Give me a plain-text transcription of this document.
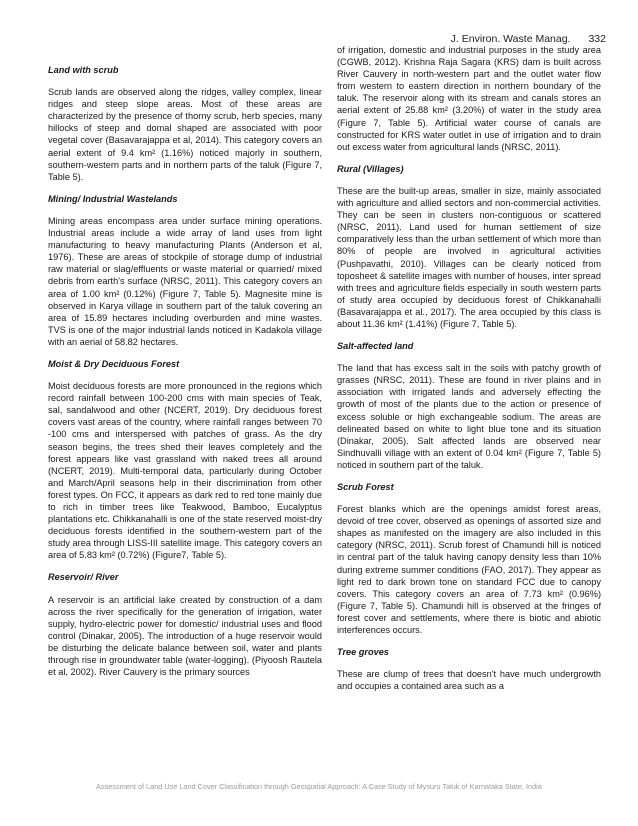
J. Environ. Waste Manag. 332
Land with scrub
Scrub lands are observed along the ridges, valley complex, linear ridges and steep slope areas. Most of these areas are characterized by the presence of thorny scrub, herb species, many hillocks of steep and domal shaped are associated with poor vegetal cover (Basavarajappa et al, 2014). This category covers an aerial extent of 9.4 km² (1.16%) noticed majorly in southern, southern-western parts and in northern parts of the taluk (Figure 7, Table 5).
Mining/ Industrial Wastelands
Mining areas encompass area under surface mining operations. Industrial areas include a wide array of land uses from light manufacturing to heavy manufacturing Plants (Anderson et al, 1976). These are areas of stockpile of storage dump of industrial raw material or slag/effluents or waste material or quarried/ mixed debris from earth's surface (NRSC, 2011). This category covers an area of 1.00 km² (0.12%) (Figure 7, Table 5). Magnesite mine is observed in Karya village in southern part of the taluk covering an area of 15.89 hectares including overburden and mine wastes. TVS is one of the major industrial lands noticed in Kadakola village with an aerial of 58.82 hectares.
Moist & Dry Deciduous Forest
Moist deciduous forests are more pronounced in the regions which record rainfall between 100-200 cms with main species of Teak, sal, sandalwood and other (NCERT, 2019). Dry deciduous forest covers vast areas of the country, where rainfall ranges between 70 -100 cms and interspersed with patches of grass. As the dry season begins, the trees shed their leaves completely and the forest appears like vast grassland with naked trees all around (NCERT, 2019). Multi-temporal data, particularly during October and March/April seasons help in their discrimination from other forest types. On FCC, it appears as dark red to red tone mainly due to rich in timber trees like Teakwood, Bamboo, Eucalyptus plantations etc. Chikkanahalli is one of the state reserved moist-dry deciduous forests identified in the southern-western part of the study area through LISS-III satellite image. This category covers an area of 5.83 km² (0.72%) (Figure7, Table 5).
Reservoir/ River
A reservoir is an artificial lake created by construction of a dam across the river specifically for the generation of irrigation, water supply, hydro-electric power for domestic/ industrial uses and flood control (Dinakar, 2005). The introduction of a huge reservoir would be disturbing the delicate balance between soil, water and plants through rise in groundwater table (water-logging). (Piyoosh Rautela et al, 2002). River Cauvery is the primary sources
of irrigation, domestic and industrial purposes in the study area (CGWB, 2012). Krishna Raja Sagara (KRS) dam is built across River Cauvery in north-western part and the outlet water flow from western to eastern direction in northern boundary of the taluk. The reservoir along with its stream and canals stores an aerial extent of 25.88 km² (3.20%) of water in the study area (Figure 7, Table 5). Artificial water course of canals are constructed for KRS water outlet in use of irrigation and to drain out excess water from agricultural lands (NRSC, 2011).
Rural (Villages)
These are the built-up areas, smaller in size, mainly associated with agriculture and allied sectors and non-commercial activities. They can be seen in clusters non-contiguous or scattered (NRSC, 2011). Land used for human settlement of size comparatively less than the urban settlement of which more than 80% of people are involved in agricultural activities (Pushpavathi, 2010). Villages can be clearly noticed from toposheet & satellite images with number of houses, inter spread with trees and agriculture fields especially in south western parts of study area occupied by deciduous forest of Chikkanahalli (Basavarajappa et al., 2017). The area occupied by this class is about 11.36 km² (1.41%) (Figure 7, Table 5).
Salt-affected land
The land that has excess salt in the soils with patchy growth of grasses (NRSC, 2011). These are found in river plains and in association with irrigated lands and adversely effecting the growth of most of the plants due to the action or presence of excess soluble or high exchangeable sodium. The areas are delineated based on white to light blue tone and its situation (Dinakar, 2005). Salt affected lands are observed near Sindhuvalli village with an extent of 0.04 km² (Figure 7, Table 5) noticed in southern part of the taluk.
Scrub Forest
Forest blanks which are the openings amidst forest areas, devoid of tree cover, observed as openings of assorted size and shapes as manifested on the imagery are also included in this category (NRSC, 2011). Scrub forest of Chamundi hill is noticed in central part of the taluk having canopy density less than 10% during extreme summer conditions (FAO, 2017). They appear as light red to dark brown tone on standard FCC due to canopy covers. This category covers an area of 7.73 km² (0.96%) (Figure 7, Table 5). Chamundi hill is observed at the fringes of forest cover and settlements, where there is biotic and abiotic interferences occurs.
Tree groves
These are clump of trees that doesn't have much undergrowth and occupies a contained area such as a
Assessment of Land Use Land Cover Classification through Geospatial Approach: A Case Study of Mysuru Taluk of Karnataka State, India
